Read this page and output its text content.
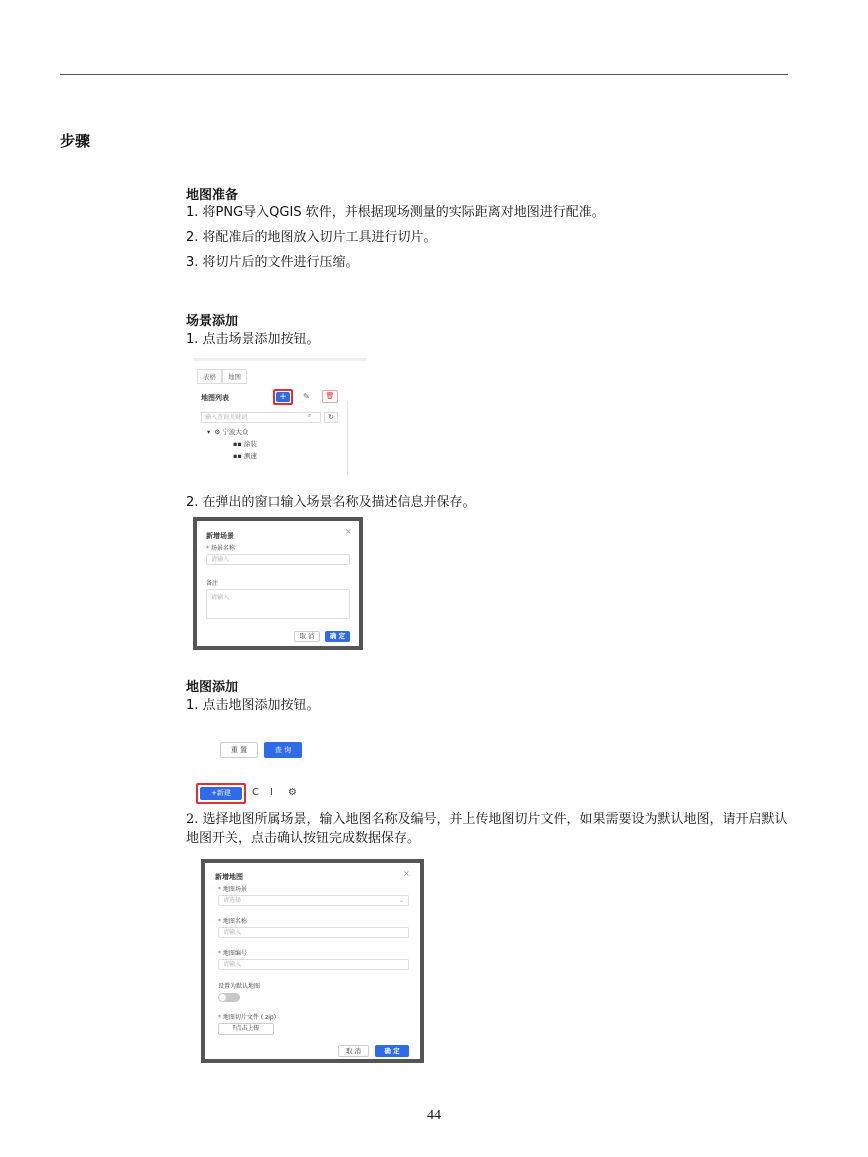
步骤
地图准备
1. 将PNG导入QGIS 软件，并根据现场测量的实际距离对地图进行配准。
2. 将配准后的地图放入切片工具进行切片。
3. 将切片后的文件进行压缩。
场景添加
1. 点击场景添加按钮。
表格	地图
地图列表	+	✎	🗑
输入查询关键词	⌕	↻
▾ ⚙ 宁波大众
▪▪ 涂装
▪▪ 测速
2. 在弹出的窗口输入场景名称及描述信息并保存。
新增场景	×
* 场景名称
请输入
备注
请输入
取 消	确 定
地图添加
1. 点击地图添加按钮。
重 置	查 询
+新建	C I ⚙
2. 选择地图所属场景，输入地图名称及编号，并上传地图切片文件，如果需要设为默认地图，请开启默认地图开关，点击确认按钮完成数据保存。
新增地图	×
* 地图场景
请选择	⌄
* 地图名称
请输入
* 地图编号
请输入
设置为默认地图
* 地图切片文件 (.zip)
⤒点击上传
取 消	确 定
44
